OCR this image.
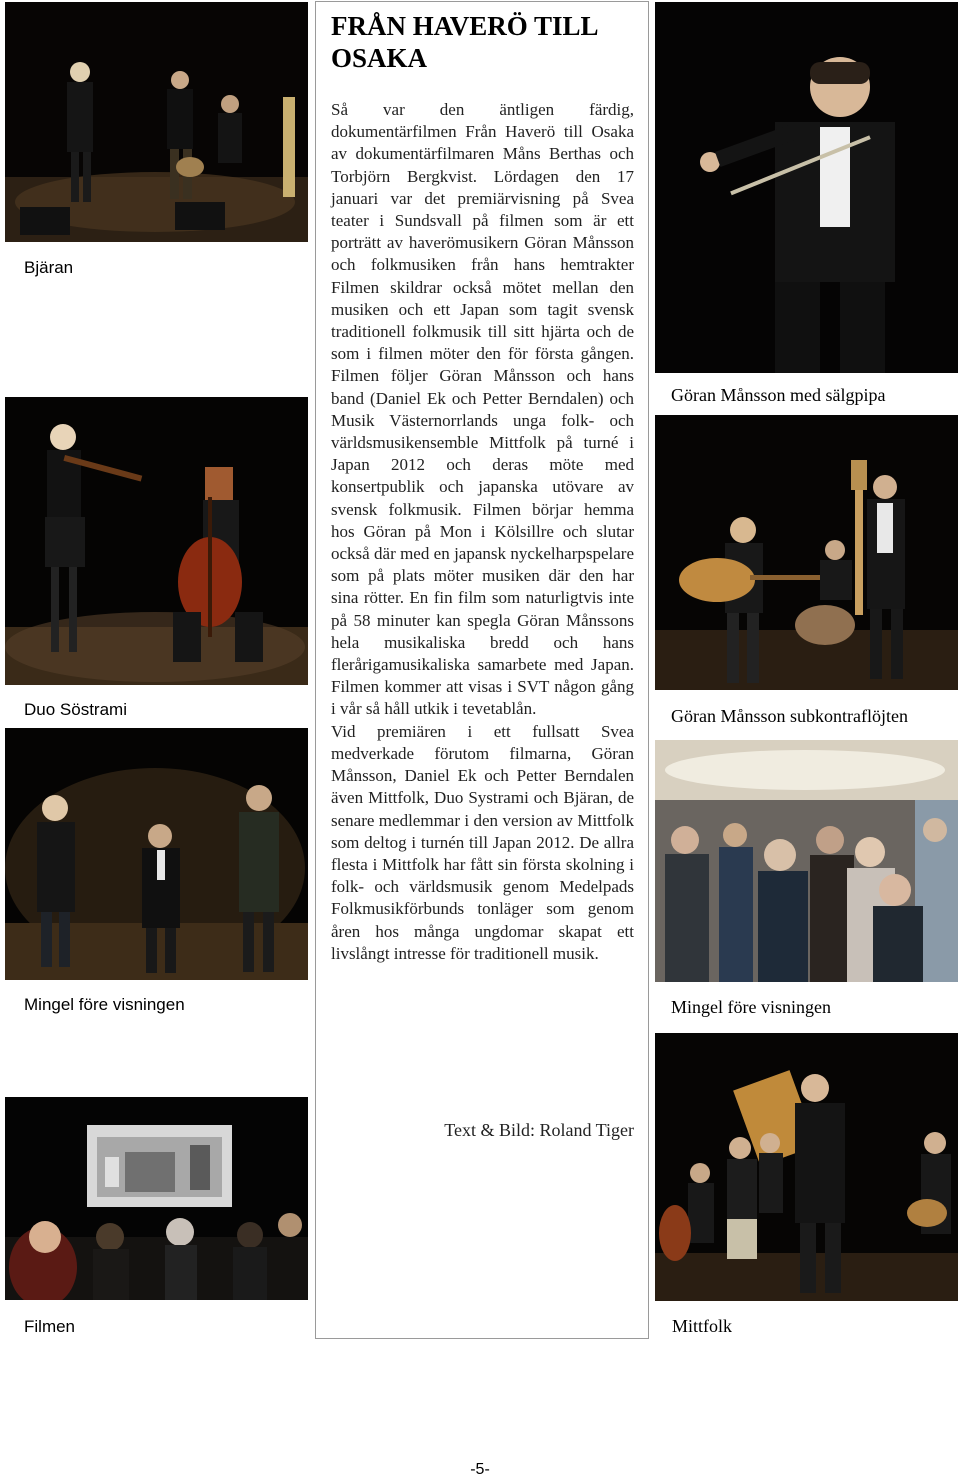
Bjäran
Duo Söstrami
Mingel före visningen
Filmen
FRÅN HAVERÖ TILL OSAKA

Så var den äntligen färdig, dokumentärfilmen Från Haverö till Osaka av dokumentärfilmaren Måns Berthas och Torbjörn Bergkvist. Lördagen den 17 januari var det premiärvisning på Svea teater i Sundsvall på filmen som är ett porträtt av haverömusikern Göran Månsson och folkmusiken från hans hemtrakter Filmen skildrar också mötet mellan den musiken och ett Japan som tagit svensk traditionell folkmusik till sitt hjärta och de som i filmen möter den för första gången. Filmen följer Göran Månsson och hans band (Daniel Ek och Petter Berndalen) och Musik Västernorrlands unga folk- och världsmusikensemble Mittfolk på turné i Japan 2012 och deras möte med konsertpublik och japanska utövare av svensk folkmusik. Filmen börjar hemma hos Göran på Mon i Kölsillre och slutar också där med en japansk nyckelharpspelare som på plats möter musiken där den har sina rötter. En fin film som naturligtvis inte på 58 minuter kan spegla Göran Månssons hela musikaliska bredd och hans flerårigamusikaliska samarbete med Japan. Filmen kommer att visas i SVT någon gång i vår så håll utkik i tevetablån.

Vid premiären i ett fullsatt Svea medverkade förutom filmarna, Göran Månsson, Daniel Ek och Petter Berndalen även Mittfolk, Duo Systrami och Bjäran, de senare medlemmar i den version av Mittfolk som deltog i turnén till Japan 2012. De allra flesta i Mittfolk har fått sin första skolning i folk- och världsmusik genom Medelpads Folkmusikförbunds tonläger som genom åren hos många ungdomar skapat ett livslångt intresse för traditionell musik.

Text & Bild: Roland Tiger
Göran Månsson med sälgpipa
Göran Månsson subkontraflöjten
Mingel före visningen
Mittfolk
-5-
